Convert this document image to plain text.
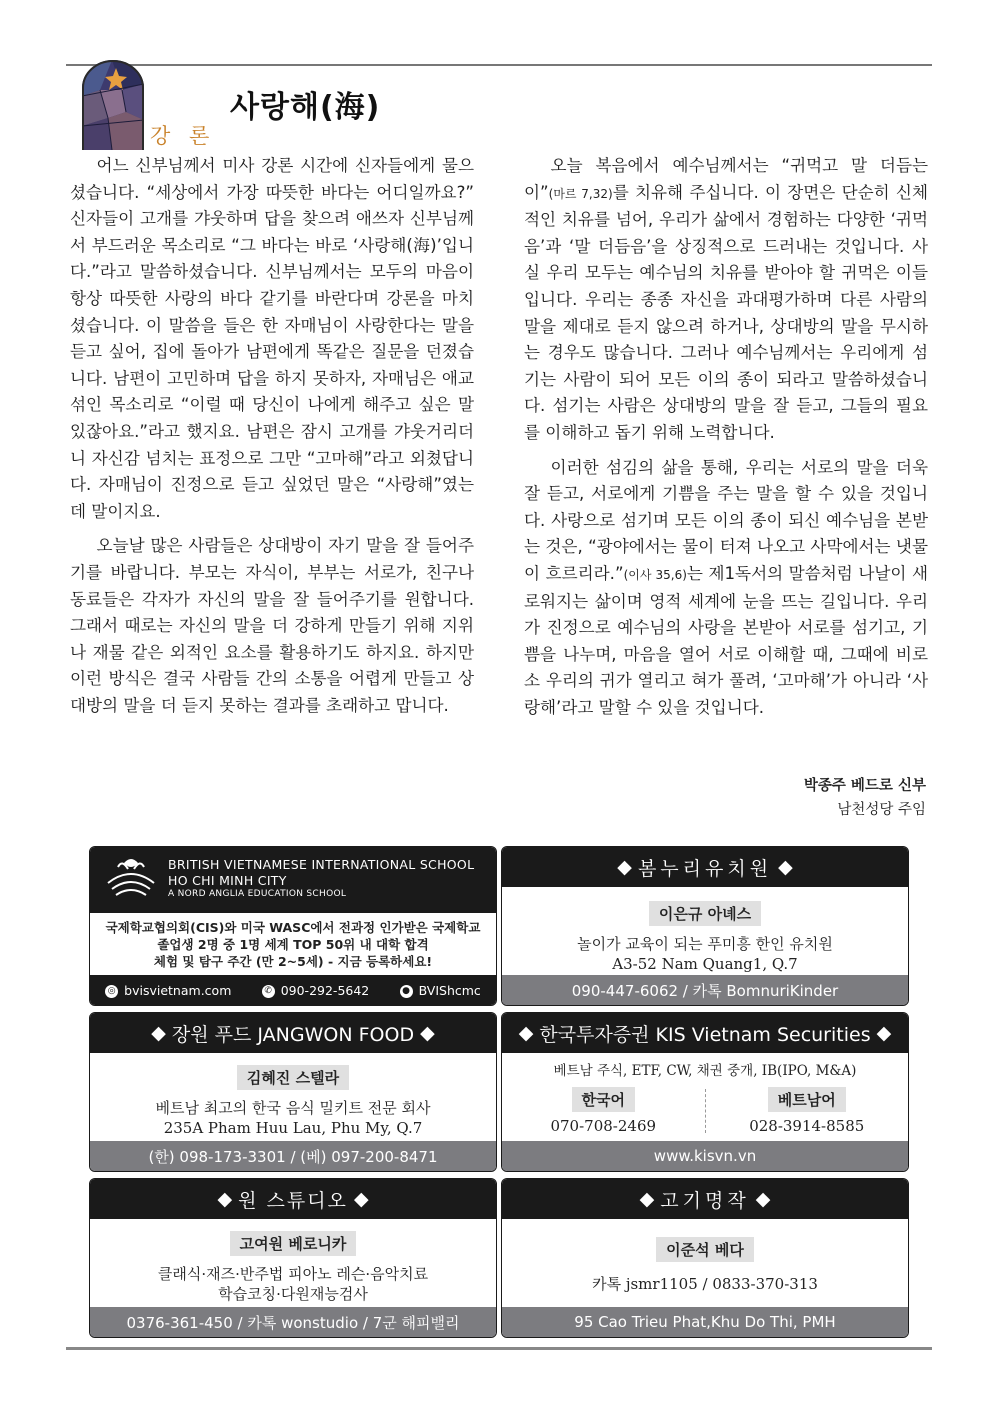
강 론
사랑해(海)

어느 신부님께서 미사 강론 시간에 신자들에게 물으셨습니다. “세상에서 가장 따뜻한 바다는 어디일까요?” 신자들이 고개를 갸웃하며 답을 찾으려 애쓰자 신부님께서 부드러운 목소리로 “그 바다는 바로 ‘사랑해(海)’입니다.”라고 말씀하셨습니다. 신부님께서는 모두의 마음이 항상 따뜻한 사랑의 바다 같기를 바란다며 강론을 마치셨습니다. 이 말씀을 들은 한 자매님이 사랑한다는 말을 듣고 싶어, 집에 돌아가 남편에게 똑같은 질문을 던졌습니다. 남편이 고민하며 답을 하지 못하자, 자매님은 애교 섞인 목소리로 “이럴 때 당신이 나에게 해주고 싶은 말 있잖아요.”라고 했지요. 남편은 잠시 고개를 갸웃거리더니 자신감 넘치는 표정으로 그만 “고마해”라고 외쳤답니다. 자매님이 진정으로 듣고 싶었던 말은 “사랑해”였는데 말이지요.

오늘날 많은 사람들은 상대방이 자기 말을 잘 들어주기를 바랍니다. 부모는 자식이, 부부는 서로가, 친구나 동료들은 각자가 자신의 말을 잘 들어주기를 원합니다. 그래서 때로는 자신의 말을 더 강하게 만들기 위해 지위나 재물 같은 외적인 요소를 활용하기도 하지요. 하지만 이런 방식은 결국 사람들 간의 소통을 어렵게 만들고 상대방의 말을 더 듣지 못하는 결과를 초래하고 맙니다.

오늘 복음에서 예수님께서는 “귀먹고 말 더듬는 이”(마르 7,32)를 치유해 주십니다. 이 장면은 단순히 신체적인 치유를 넘어, 우리가 삶에서 경험하는 다양한 ‘귀먹음’과 ‘말 더듬음’을 상징적으로 드러내는 것입니다. 사실 우리 모두는 예수님의 치유를 받아야 할 귀먹은 이들입니다. 우리는 종종 자신을 과대평가하며 다른 사람의 말을 제대로 듣지 않으려 하거나, 상대방의 말을 무시하는 경우도 많습니다. 그러나 예수님께서는 우리에게 섬기는 사람이 되어 모든 이의 종이 되라고 말씀하셨습니다. 섬기는 사람은 상대방의 말을 잘 듣고, 그들의 필요를 이해하고 돕기 위해 노력합니다.

이러한 섬김의 삶을 통해, 우리는 서로의 말을 더욱 잘 듣고, 서로에게 기쁨을 주는 말을 할 수 있을 것입니다. 사랑으로 섬기며 모든 이의 종이 되신 예수님을 본받는 것은, “광야에서는 물이 터져 나오고 사막에서는 냇물이 흐르리라.”(이사 35,6)는 제1독서의 말씀처럼 나날이 새로워지는 삶이며 영적 세계에 눈을 뜨는 길입니다. 우리가 진정으로 예수님의 사랑을 본받아 서로를 섬기고, 기쁨을 나누며, 마음을 열어 서로 이해할 때, 그때에 비로소 우리의 귀가 열리고 혀가 풀려, ‘고마해’가 아니라 ‘사랑해’라고 말할 수 있을 것입니다.

박종주 베드로 신부
남천성당 주임
BRITISH VIETNAMESE INTERNATIONAL SCHOOL
HO CHI MINH CITY
A NORD ANGLIA EDUCATION SCHOOL
국제학교협의회(CIS)와 미국 WASC에서 전과정 인가받은 국제학교
졸업생 2명 중 1명 세계 TOP 50위 내 대학 합격
체험 및 탐구 주간 (만 2~5세) - 지금 등록하세요!
◎ bvisvietnam.com	✆ 090-292-5642	● BVIShcmc
◆ 봄누리유치원 ◆
이은규 아녜스
놀이가 교육이 되는 푸미흥 한인 유치원
A3-52 Nam Quang1, Q.7
090-447-6062 / 카톡 BomnuriKinder
◆ 장원 푸드 JANGWON FOOD ◆
김혜진 스텔라
베트남 최고의 한국 음식 밀키트 전문 회사
235A Pham Huu Lau, Phu My, Q.7
(한) 098-173-3301 / (베) 097-200-8471
◆ 한국투자증권 KIS Vietnam Securities ◆
베트남 주식, ETF, CW, 채권 중개, IB(IPO, M&A)
한국어
070-708-2469
베트남어
028-3914-8585
www.kisvn.vn
◆ 원 스튜디오 ◆
고여원 베로니카
클래식·재즈·반주법 피아노 레슨·음악치료
학습코칭·다원재능검사
0376-361-450 / 카톡 wonstudio / 7군 해피밸리
◆ 고기명작 ◆
이준석 베다
카톡 jsmr1105 / 0833-370-313
95 Cao Trieu Phat,Khu Do Thi, PMH
